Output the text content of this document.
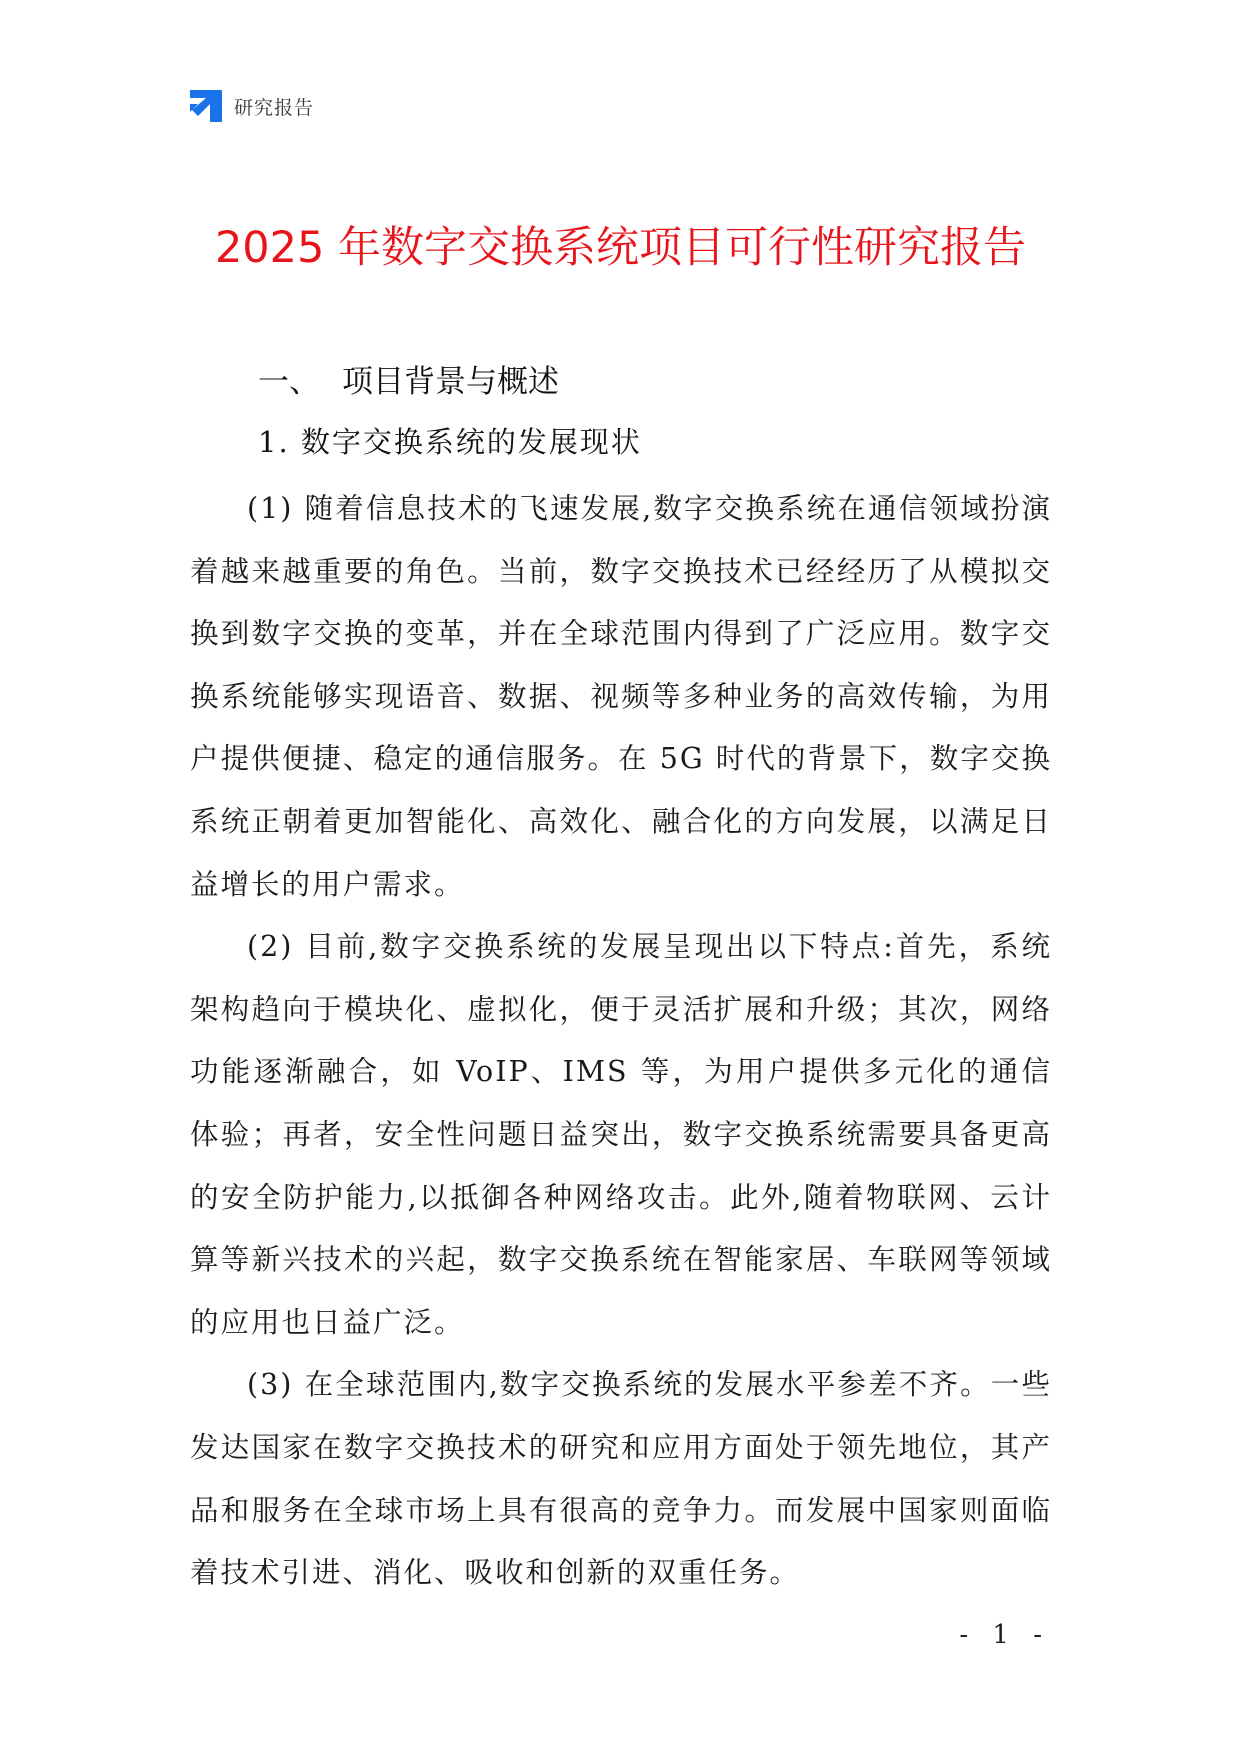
研究报告
2025 年数字交换系统项目可行性研究报告
一、 项目背景与概述
1. 数字交换系统的发展现状

(1) 随着信息技术的飞速发展,数字交换系统在通信领域扮演着越来越重要的角色。当前，数字交换技术已经经历了从模拟交换到数字交换的变革，并在全球范围内得到了广泛应用。数字交换系统能够实现语音、数据、视频等多种业务的高效传输，为用户提供便捷、稳定的通信服务。在 5G 时代的背景下，数字交换系统正朝着更加智能化、高效化、融合化的方向发展，以满足日益增长的用户需求。

(2) 目前,数字交换系统的发展呈现出以下特点:首先，系统架构趋向于模块化、虚拟化，便于灵活扩展和升级；其次，网络功能逐渐融合，如 VoIP、IMS 等，为用户提供多元化的通信体验；再者，安全性问题日益突出，数字交换系统需要具备更高的安全防护能力,以抵御各种网络攻击。此外,随着物联网、云计算等新兴技术的兴起，数字交换系统在智能家居、车联网等领域的应用也日益广泛。

(3) 在全球范围内,数字交换系统的发展水平参差不齐。一些发达国家在数字交换技术的研究和应用方面处于领先地位，其产品和服务在全球市场上具有很高的竞争力。而发展中国家则面临着技术引进、消化、吸收和创新的双重任务。

- 1 -
